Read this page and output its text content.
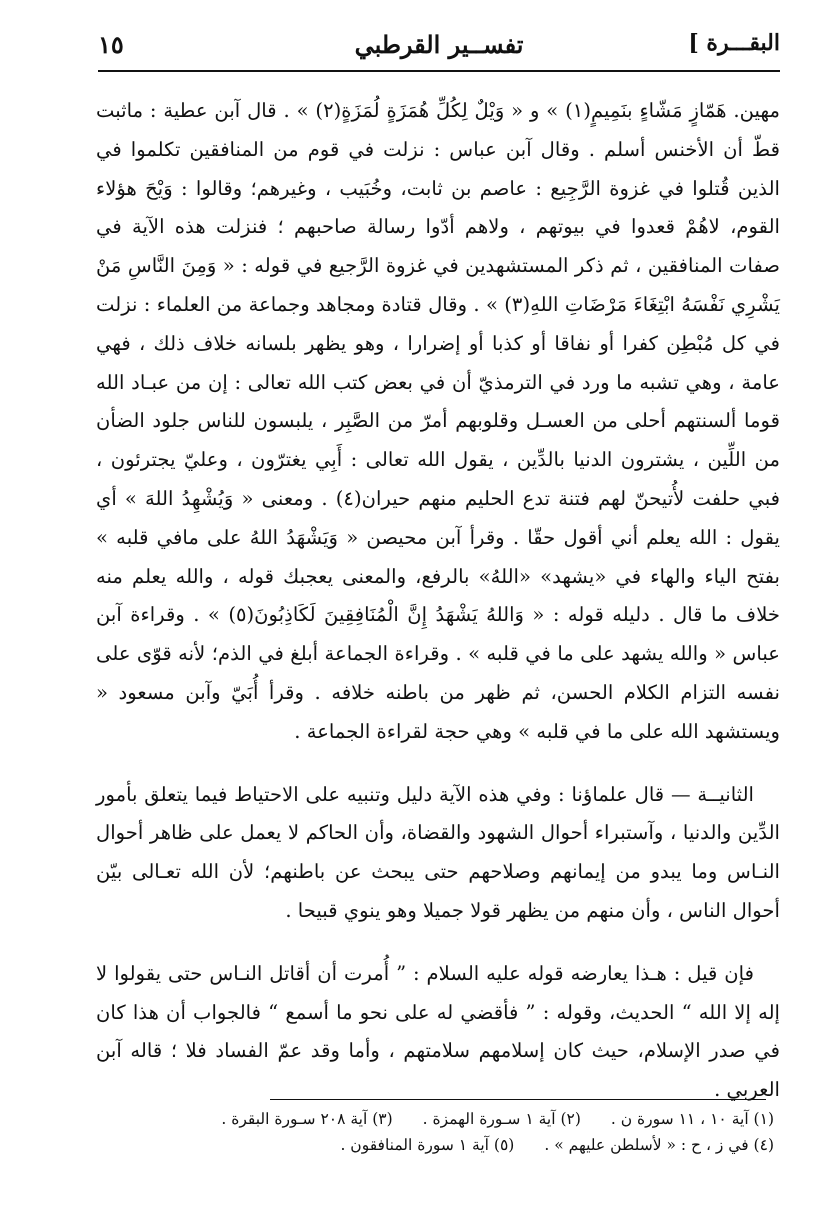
البقـــرة ]
تفســير القرطبي
١٥

مهين. هَمّازٍ مَشّاءٍ بنَمِيمٍ(١) » و « وَيْلٌ لِكُلِّ هُمَزَةٍ لُمَزَةٍ(٢) » . قال آبن عطية : ماثبت قطّ أن الأخنس أسلم . وقال آبن عباس : نزلت في قوم من المنافقين تكلموا في الذين قُتلوا في غزوة الرَّجِيع : عاصم بن ثابت، وخُبَيب ، وغيرهم؛ وقالوا : وَيْحَ هؤلاء القوم، لاهُمْ قعدوا في بيوتهم ، ولاهم أدّوا رسالة صاحبهم ؛ فنزلت هذه الآية في صفات المنافقين ، ثم ذكر المستشهدين في غزوة الرَّجيع في قوله : « وَمِنَ النَّاسِ مَنْ يَشْرِي نَفْسَهُ ابْتِغَاءَ مَرْضَاتِ اللهِ(٣) » . وقال قتادة ومجاهد وجماعة من العلماء : نزلت في كل مُبْطِن كفرا أو نفاقا أو كذبا أو إضرارا ، وهو يظهر بلسانه خلاف ذلك ، فهي عامة ، وهي تشبه ما ورد في الترمذيّ أن في بعض كتب الله تعالى : إن من عبـاد الله قوما ألسنتهم أحلى من العسـل وقلوبهم أمرّ من الصَّبِر ، يلبسون للناس جلود الضأن من اللِّين ، يشترون الدنيا بالدِّين ، يقول الله تعالى : أَبِي يغترّون ، وعليّ يجترئون ، فبي حلفت لأُتيحنّ لهم فتنة تدع الحليم منهم حيران(٤) . ومعنى « وَيُشْهِدُ اللهَ » أي يقول : الله يعلم أني أقول حقّا . وقرأ آبن محيصن « وَيَشْهَدُ اللهُ على مافي قلبه » بفتح الياء والهاء في «يشهد» «اللهُ» بالرفع، والمعنى يعجبك قوله ، والله يعلم منه خلاف ما قال . دليله قوله : « وَاللهُ يَشْهَدُ إِنَّ الْمُنَافِقِينَ لَكَاذِبُونَ(٥) » . وقراءة آبن عباس « والله يشهد على ما في قلبه » . وقراءة الجماعة أبلغ في الذم؛ لأنه قوّى على نفسه التزام الكلام الحسن، ثم ظهر من باطنه خلافه . وقرأ أُبَيّ وآبن مسعود « ويستشهد الله على ما في قلبه » وهي حجة لقراءة الجماعة .

الثانيــة — قال علماؤنا : وفي هذه الآية دليل وتنبيه على الاحتياط فيما يتعلق بأمور الدِّين والدنيا ، وآستبراء أحوال الشهود والقضاة، وأن الحاكم لا يعمل على ظاهر أحوال النـاس وما يبدو من إيمانهم وصلاحهم حتى يبحث عن باطنهم؛ لأن الله تعـالى بيّن أحوال الناس ، وأن منهم من يظهر قولا جميلا وهو ينوي قبيحا .

فإن قيل : هـذا يعارضه قوله عليه السلام : ” أُمرت أن أقاتل النـاس حتى يقولوا لا إله إلا الله “ الحديث، وقوله : ” فأقضي له على نحو ما أسمع “ فالجواب أن هذا كان في صدر الإسلام، حيث كان إسلامهم سلامتهم ، وأما وقد عمّ الفساد فلا ؛ قاله آبن العربي .

(١) آية ١٠ ، ١١ سورة ن .
(٢) آية ١ سـورة الهمزة .
(٣) آية ٢٠٨ سـورة البقرة .
(٤) في ز ، ح : « لأسلطن عليهم » .
(٥) آية ١ سورة المنافقون .
